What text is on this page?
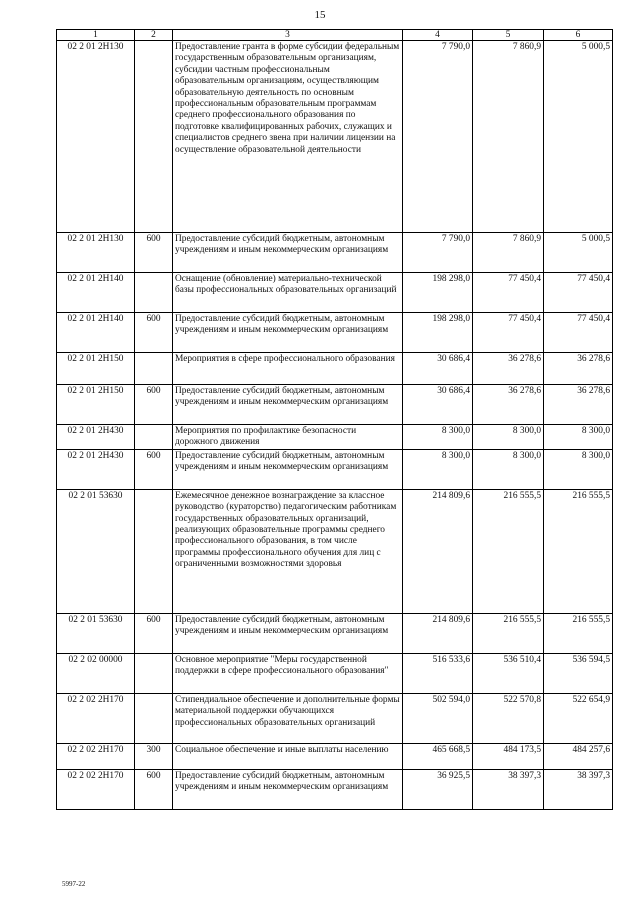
15
1	2	3	4	5	6
02 2 01 2Н130		Предоставление гранта в форме субсидии федеральным государственным образовательным организациям, субсидии частным профессиональным образовательным организациям, осуществляющим образовательную деятельность по основным профессиональным образовательным программам среднего профессионального образования по подготовке квалифицированных рабочих, служащих и специалистов среднего звена при наличии лицензии на осуществление образовательной деятельности	7 790,0	7 860,9	5 000,5
02 2 01 2Н130	600	Предоставление субсидий бюджетным, автономным учреждениям и иным некоммерческим организациям	7 790,0	7 860,9	5 000,5
02 2 01 2Н140		Оснащение (обновление) материально-технической базы профессиональных образовательных организаций	198 298,0	77 450,4	77 450,4
02 2 01 2Н140	600	Предоставление субсидий бюджетным, автономным учреждениям и иным некоммерческим организациям	198 298,0	77 450,4	77 450,4
02 2 01 2Н150		Мероприятия в сфере профессионального образования	30 686,4	36 278,6	36 278,6
02 2 01 2Н150	600	Предоставление субсидий бюджетным, автономным учреждениям и иным некоммерческим организациям	30 686,4	36 278,6	36 278,6
02 2 01 2Н430		Мероприятия по профилактике безопасности дорожного движения	8 300,0	8 300,0	8 300,0
02 2 01 2Н430	600	Предоставление субсидий бюджетным, автономным учреждениям и иным некоммерческим организациям	8 300,0	8 300,0	8 300,0
02 2 01 53630		Ежемесячное денежное вознаграждение за классное руководство (кураторство) педагогическим работникам государственных образовательных организаций, реализующих образовательные программы среднего профессионального образования, в том числе программы профессионального обучения для лиц с ограниченными возможностями здоровья	214 809,6	216 555,5	216 555,5
02 2 01 53630	600	Предоставление субсидий бюджетным, автономным учреждениям и иным некоммерческим организациям	214 809,6	216 555,5	216 555,5
02 2 02 00000		Основное мероприятие "Меры государственной поддержки в сфере профессионального образования"	516 533,6	536 510,4	536 594,5
02 2 02 2Н170		Стипендиальное обеспечение и дополнительные формы материальной поддержки обучающихся профессиональных образовательных организаций	502 594,0	522 570,8	522 654,9
02 2 02 2Н170	300	Социальное обеспечение и иные выплаты населению	465 668,5	484 173,5	484 257,6
02 2 02 2Н170	600	Предоставление субсидий бюджетным, автономным учреждениям и иным некоммерческим организациям	36 925,5	38 397,3	38 397,3
5997-22
